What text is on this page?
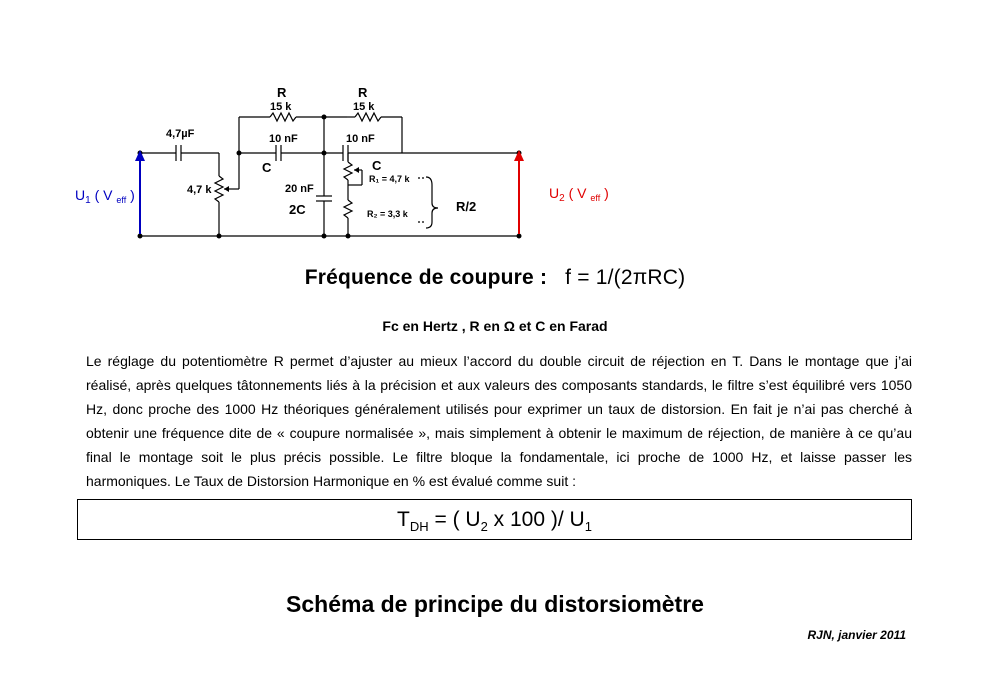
$U_1$ ( V $_{eff}$ )	$U_2$ ( V $_{eff}$ )
4,7µF
4,7 k
R
15 k
R
15 k
10 nF
C
10 nF
C
20 nF
2C
R₁ = 4,7 k
R₂ = 3,3 k	R/2
Fréquence de coupure : f = 1/(2πRC)
Fc en Hertz , R en Ω et C en Farad
Le réglage du potentiomètre R permet d’ajuster au mieux l’accord du double circuit de réjection en T. Dans le montage que j’ai réalisé, après quelques tâtonnements liés à la précision et aux valeurs des composants standards, le filtre s’est équilibré vers 1050 Hz, donc proche des 1000 Hz théoriques généralement utilisés pour exprimer un taux de distorsion. En fait je n’ai pas cherché à obtenir une fréquence dite de « coupure normalisée », mais simplement à obtenir le maximum de réjection, de manière à ce qu’au final le montage soit le plus précis possible. Le filtre bloque la fondamentale, ici proche de 1000 Hz, et laisse passer les harmoniques. Le Taux de Distorsion Harmonique en % est évalué comme suit :
$T_{DH}$ = ( $U_2$ x 100 )/ $U_1$
Schéma de principe du distorsiomètre
RJN, janvier 2011
